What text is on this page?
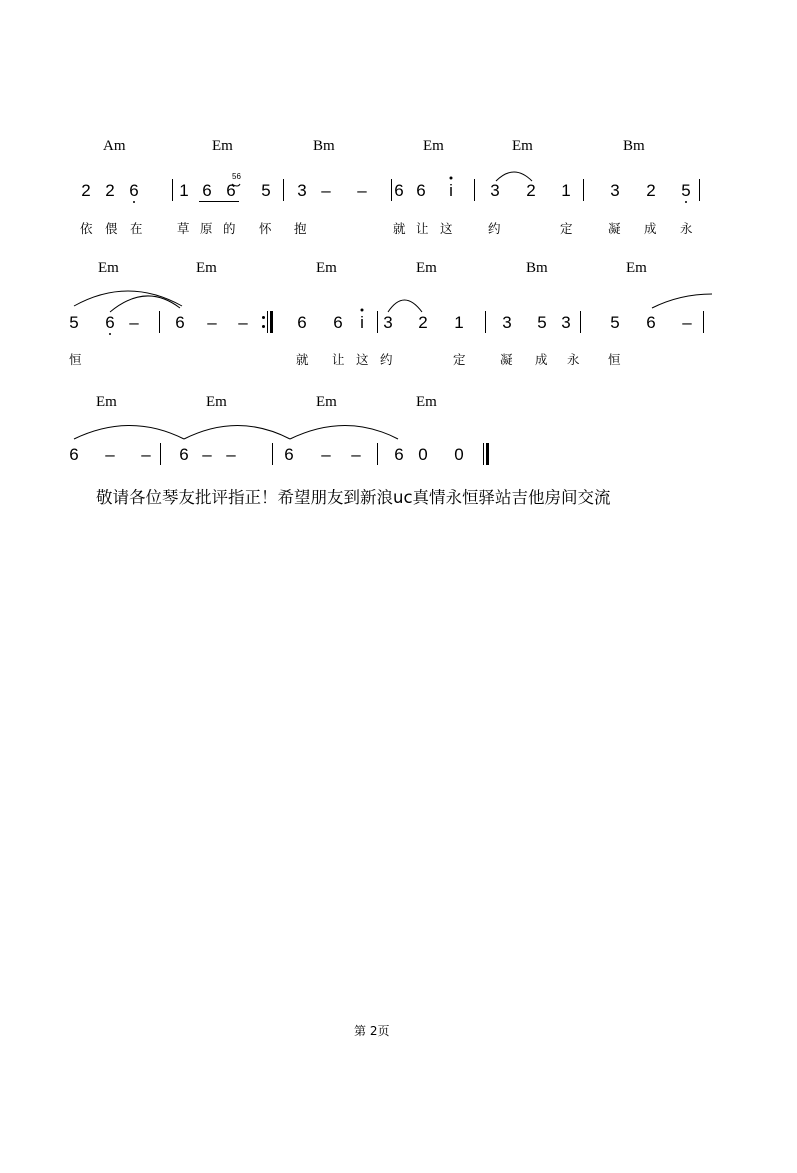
Am	Em	Bm	Em	Em	Bm
2 2 6 1 6 6
56
5 3 – – 6 6	i	3 2 1 3 2 5
依 偎 在	草 原 的 怀 抱	就 让 这	约	定	凝 成 永
Em	Em	Em	Em	Bm	Em
5 6 – 6 – –	6 6	i	3 2 1 3 5 3 5 6 –
恒	就 让 这 约	定	凝 成 永 恒
Em	Em	Em	Em
6 – – 6 – –	6 – – 6 0 0
敬请各位琴友批评指正！希望朋友到新浪uc真情永恒驿站吉他房间交流
第 2页
